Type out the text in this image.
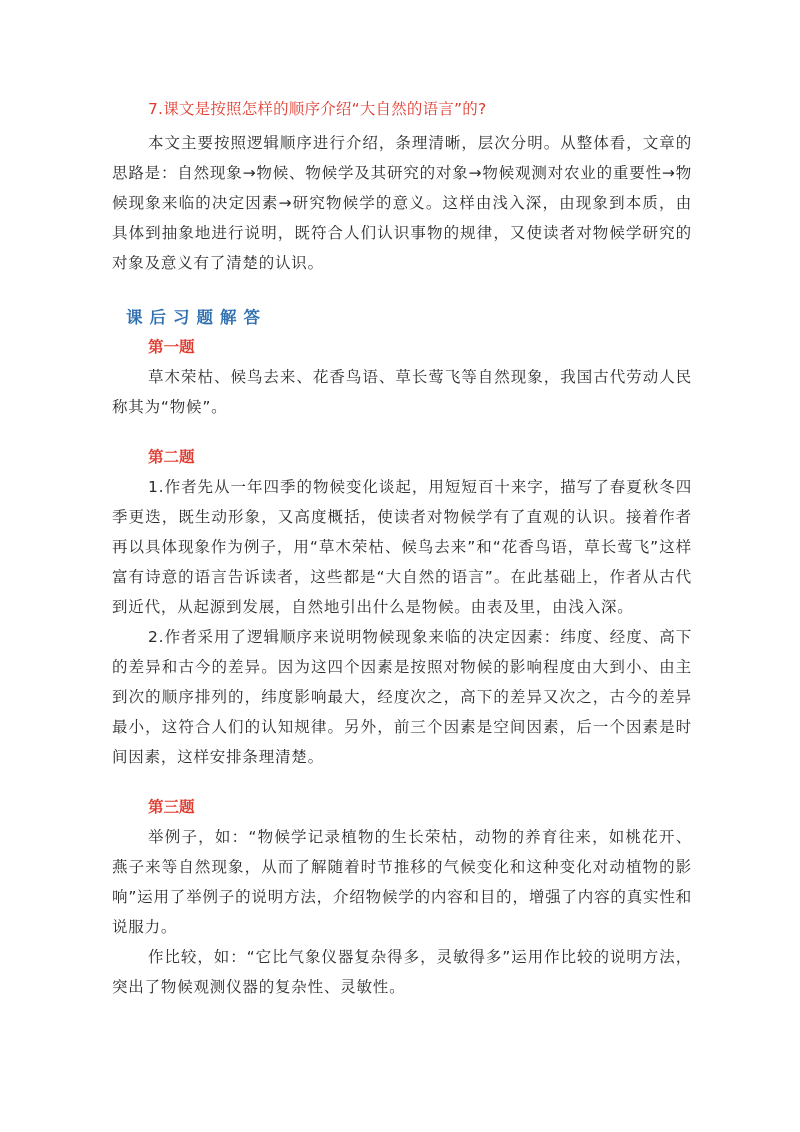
7.课文是按照怎样的顺序介绍“大自然的语言”的?

本文主要按照逻辑顺序进行介绍，条理清晰，层次分明。从整体看，文章的思路是：自然现象→物候、物候学及其研究的对象→物候观测对农业的重要性→物候现象来临的决定因素→研究物候学的意义。这样由浅入深，由现象到本质，由具体到抽象地进行说明，既符合人们认识事物的规律，又使读者对物候学研究的对象及意义有了清楚的认识。

课后习题解答
第一题

草木荣枯、候鸟去来、花香鸟语、草长莺飞等自然现象，我国古代劳动人民称其为“物候”。

第二题

1.作者先从一年四季的物候变化谈起，用短短百十来字，描写了春夏秋冬四季更迭，既生动形象，又高度概括，使读者对物候学有了直观的认识。接着作者再以具体现象作为例子，用“草木荣枯、候鸟去来”和“花香鸟语，草长莺飞”这样富有诗意的语言告诉读者，这些都是“大自然的语言”。在此基础上，作者从古代到近代，从起源到发展，自然地引出什么是物候。由表及里，由浅入深。

2.作者采用了逻辑顺序来说明物候现象来临的决定因素：纬度、经度、高下的差异和古今的差异。因为这四个因素是按照对物候的影响程度由大到小、由主到次的顺序排列的，纬度影响最大，经度次之，高下的差异又次之，古今的差异最小，这符合人们的认知规律。另外，前三个因素是空间因素，后一个因素是时间因素，这样安排条理清楚。

第三题

举例子，如：“物候学记录植物的生长荣枯，动物的养育往来，如桃花开、燕子来等自然现象，从而了解随着时节推移的气候变化和这种变化对动植物的影响”运用了举例子的说明方法，介绍物候学的内容和目的，增强了内容的真实性和说服力。

作比较，如：“它比气象仪器复杂得多，灵敏得多”运用作比较的说明方法，突出了物候观测仪器的复杂性、灵敏性。
